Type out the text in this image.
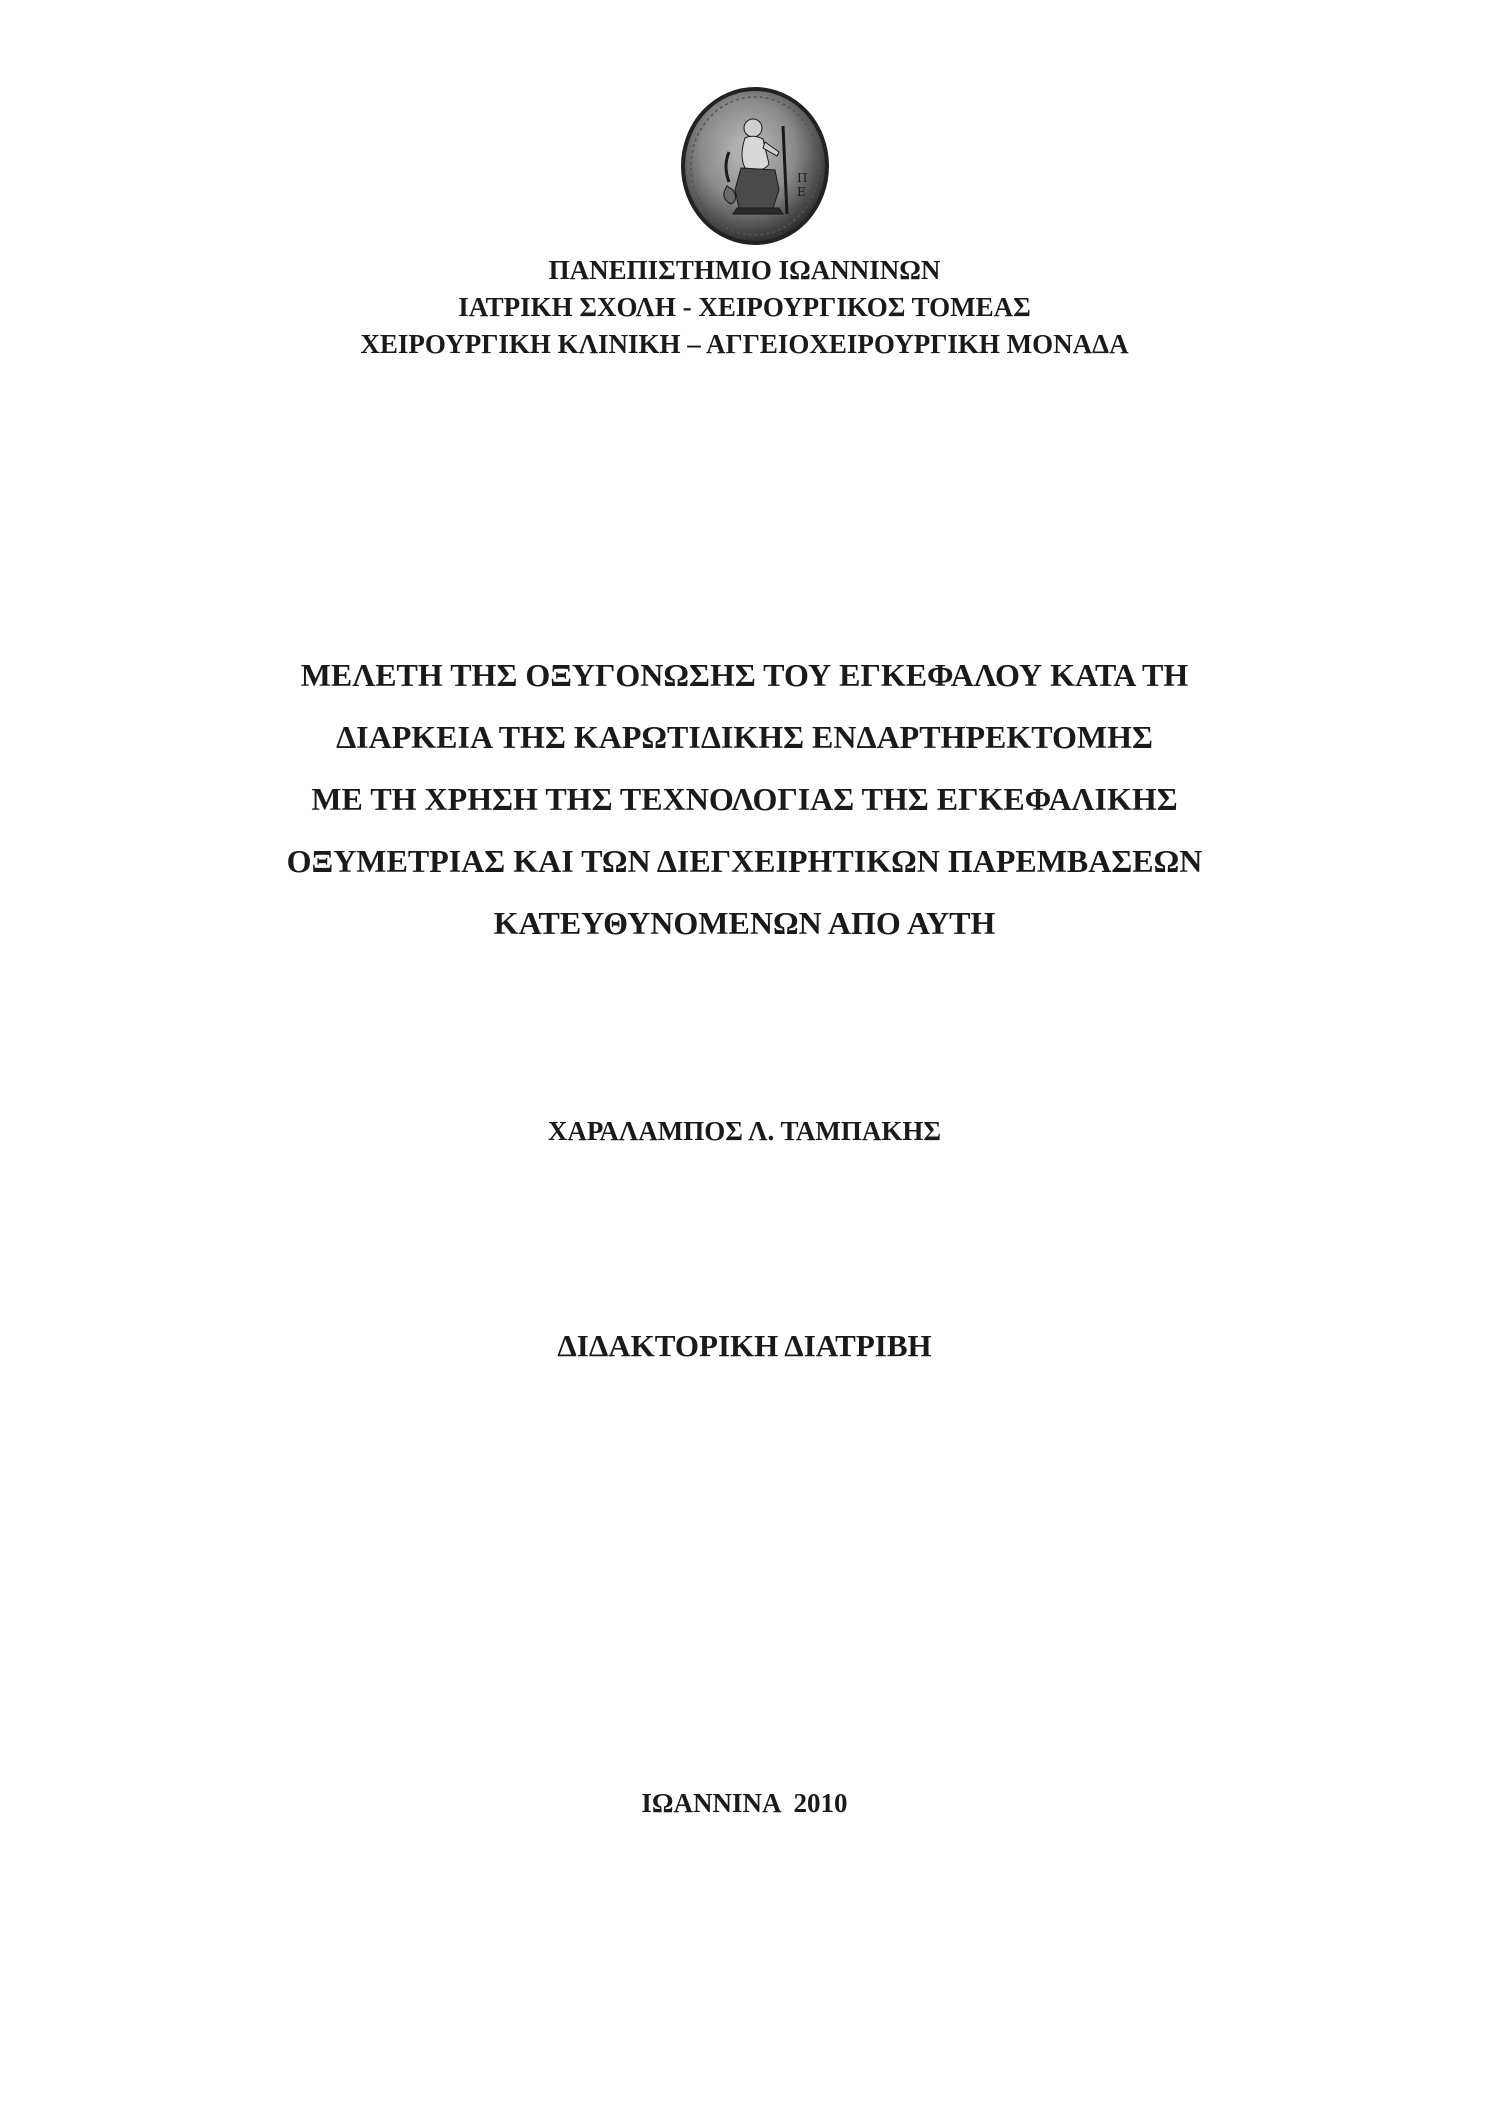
Π
Ε
ΠΑΝΕΠΙΣΤΗΜΙΟ ΙΩΑΝΝΙΝΩΝ
ΙΑΤΡΙΚΗ ΣΧΟΛΗ - ΧΕΙΡΟΥΡΓΙΚΟΣ ΤΟΜΕΑΣ
ΧΕΙΡΟΥΡΓΙΚΗ ΚΛΙΝΙΚΗ – ΑΓΓΕΙΟΧΕΙΡΟΥΡΓΙΚΗ ΜΟΝΑΔΑ
ΜΕΛΕΤΗ ΤΗΣ ΟΞΥΓΟΝΩΣΗΣ ΤΟΥ ΕΓΚΕΦΑΛΟΥ ΚΑΤΑ ΤΗ
ΔΙΑΡΚΕΙΑ ΤΗΣ ΚΑΡΩΤΙΔΙΚΗΣ ΕΝΔΑΡΤΗΡΕΚΤΟΜΗΣ
ΜΕ ΤΗ ΧΡΗΣΗ ΤΗΣ ΤΕΧΝΟΛΟΓΙΑΣ ΤΗΣ ΕΓΚΕΦΑΛΙΚΗΣ
ΟΞΥΜΕΤΡΙΑΣ ΚΑΙ ΤΩΝ ΔΙΕΓΧΕΙΡΗΤΙΚΩΝ ΠΑΡΕΜΒΑΣΕΩΝ
ΚΑΤΕΥΘΥΝΟΜΕΝΩΝ ΑΠΟ ΑΥΤΗ
ΧΑΡΑΛΑΜΠΟΣ Λ. ΤΑΜΠΑΚΗΣ
ΔΙΔΑΚΤΟΡΙΚΗ ΔΙΑΤΡΙΒΗ
ΙΩΑΝΝΙΝΑ  2010
